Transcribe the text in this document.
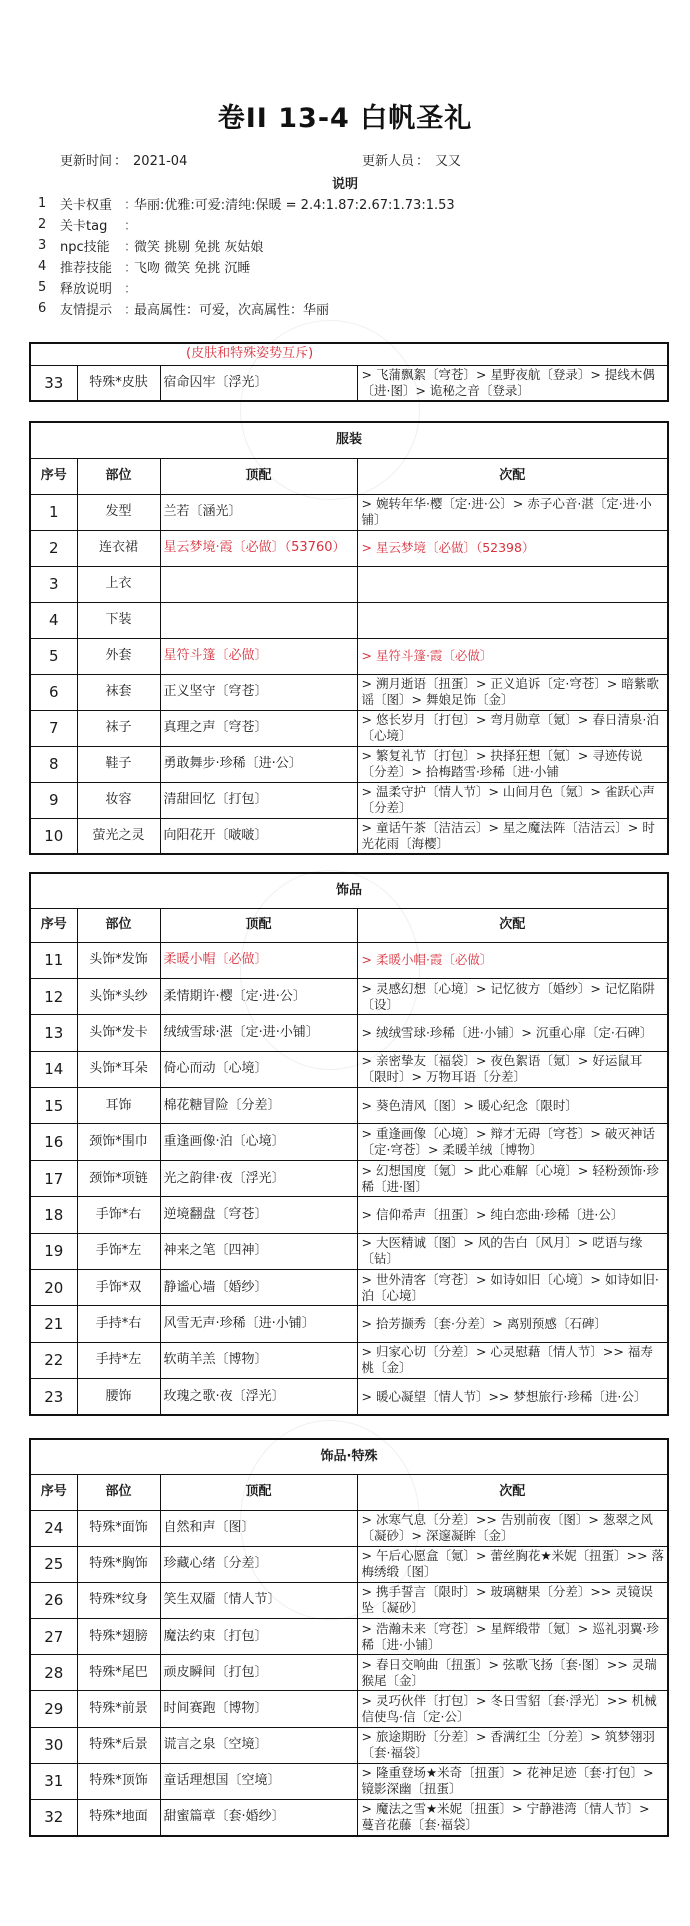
卷II 13-4 白帆圣礼
更新时间 ： 2021-04	更新人员 ： 又又
说明
1	关卡权重 ：
华丽:优雅:可爱:清纯:保暖 = 2.4:1.87:2.67:1.73:1.53
2	关卡tag	：
3	npc技能	：
微笑 挑剔 免挑 灰姑娘
4	推荐技能 ：
飞吻 微笑 免挑 沉睡
5	释放说明 ：
6	友情提示 ：
最高属性：可爱，次高属性：华丽
(皮肤和特殊姿势互斥)
33	特殊*皮肤	宿命囚牢〔浮光〕	> 飞蒲飘絮〔穹苍〕> 星野夜航〔登录〕> 提线木偶〔进·图〕> 诡秘之音〔登录〕
服装			
序号	部位	顶配	次配
1	发型	兰若〔涵光〕	> 婉转年华·樱〔定·进·公〕> 赤子心音·湛〔定·进·小铺〕
2	连衣裙	星云梦境·霞〔必做〕（53760）	> 星云梦境〔必做〕（52398）
3	上衣		
4	下装		
5	外套	星符斗篷〔必做〕	> 星符斗篷·霞〔必做〕
6	袜套	正义坚守〔穹苍〕	> 溯月逝语〔扭蛋〕> 正义追诉〔定·穹苍〕> 暗紫歌谣〔图〕> 舞娘足饰〔金〕
7	袜子	真理之声〔穹苍〕	> 悠长岁月〔打包〕> 弯月勋章〔氪〕> 春日清泉·泊〔心境〕
8	鞋子	勇敢舞步·珍稀〔进·公〕	> 繁复礼节〔打包〕> 抉择狂想〔氪〕> 寻迹传说〔分差〕> 拾梅踏雪·珍稀〔进·小铺
9	妆容	清甜回忆〔打包〕	> 温柔守护〔情人节〕> 山间月色〔氪〕> 雀跃心声〔分差〕
10	萤光之灵	向阳花开〔啵啵〕	> 童话午茶〔洁洁云〕> 星之魔法阵〔洁洁云〕> 时光花雨〔海樱〕
饰品			
序号	部位	顶配	次配
11	头饰*发饰	柔暖小帽〔必做〕	> 柔暖小帽·霞〔必做〕
12	头饰*头纱	柔情期许·樱〔定·进·公〕	> 灵感幻想〔心境〕> 记忆彼方〔婚纱〕> 记忆陷阱〔设〕
13	头饰*发卡	绒绒雪球·湛〔定·进·小铺〕	> 绒绒雪球·珍稀〔进·小铺〕> 沉重心扉〔定·石碑〕
14	头饰*耳朵	倚心而动〔心境〕	> 亲密挚友〔福袋〕> 夜色絮语〔氪〕> 好运鼠耳〔限时〕> 万物耳语〔分差〕
15	耳饰	棉花糖冒险〔分差〕	> 葵色清风〔图〕> 暖心纪念〔限时〕
16	颈饰*围巾	重逢画像·泊〔心境〕	> 重逢画像〔心境〕> 辩才无碍〔穹苍〕> 破灭神话〔定·穹苍〕> 柔暖羊绒〔博物〕
17	颈饰*项链	光之韵律·夜〔浮光〕	> 幻想国度〔氪〕> 此心难解〔心境〕> 轻粉颈饰·珍稀〔进·图〕
18	手饰*右	逆境翻盘〔穹苍〕	> 信仰希声〔扭蛋〕> 纯白恋曲·珍稀〔进·公〕
19	手饰*左	神来之笔〔四神〕	> 大医精诚〔图〕> 风的告白〔风月〕> 呓语与缘〔钻〕
20	手饰*双	静谧心墙〔婚纱〕	> 世外清客〔穹苍〕> 如诗如旧〔心境〕> 如诗如旧·泊〔心境〕
21	手持*右	风雪无声·珍稀〔进·小铺〕	> 拾芳撷秀〔套·分差〕> 离别预感〔石碑〕
22	手持*左	软萌羊羔〔博物〕	> 归家心切〔分差〕> 心灵慰藉〔情人节〕>> 福寿桃〔金〕
23	腰饰	玫瑰之歌·夜〔浮光〕	> 暖心凝望〔情人节〕>> 梦想旅行·珍稀〔进·公〕
饰品·特殊			
序号	部位	顶配	次配
24	特殊*面饰	自然和声〔图〕	> 冰寒气息〔分差〕>> 告别前夜〔图〕> 葱翠之风〔凝砂〕> 深邃凝眸〔金〕
25	特殊*胸饰	珍藏心绪〔分差〕	> 午后心愿盒〔氪〕> 蕾丝胸花★米妮〔扭蛋〕>> 落梅绣缎〔图〕
26	特殊*纹身	笑生双靥〔情人节〕	> 携手誓言〔限时〕> 玻璃糖果〔分差〕>> 灵镜误坠〔凝砂〕
27	特殊*翅膀	魔法约束〔打包〕	> 浩瀚未来〔穹苍〕> 星辉缎带〔氪〕> 巡礼羽翼·珍稀〔进·小铺〕
28	特殊*尾巴	顽皮瞬间〔打包〕	> 春日交响曲〔扭蛋〕> 弦歌飞扬〔套·图〕>> 灵瑞猴尾〔金〕
29	特殊*前景	时间赛跑〔博物〕	> 灵巧伙伴〔打包〕> 冬日雪貂〔套·浮光〕>> 机械信使鸟·信〔定·公〕
30	特殊*后景	谎言之泉〔空境〕	> 旅途期盼〔分差〕> 香满红尘〔分差〕> 筑梦翎羽〔套·福袋〕
31	特殊*顶饰	童话理想国〔空境〕	> 隆重登场★米奇〔扭蛋〕> 花神足迹〔套·打包〕> 镜影深幽〔扭蛋〕
32	特殊*地面	甜蜜篇章〔套·婚纱〕	> 魔法之雪★米妮〔扭蛋〕> 宁静港湾〔情人节〕> 蔓音花藤〔套·福袋〕
